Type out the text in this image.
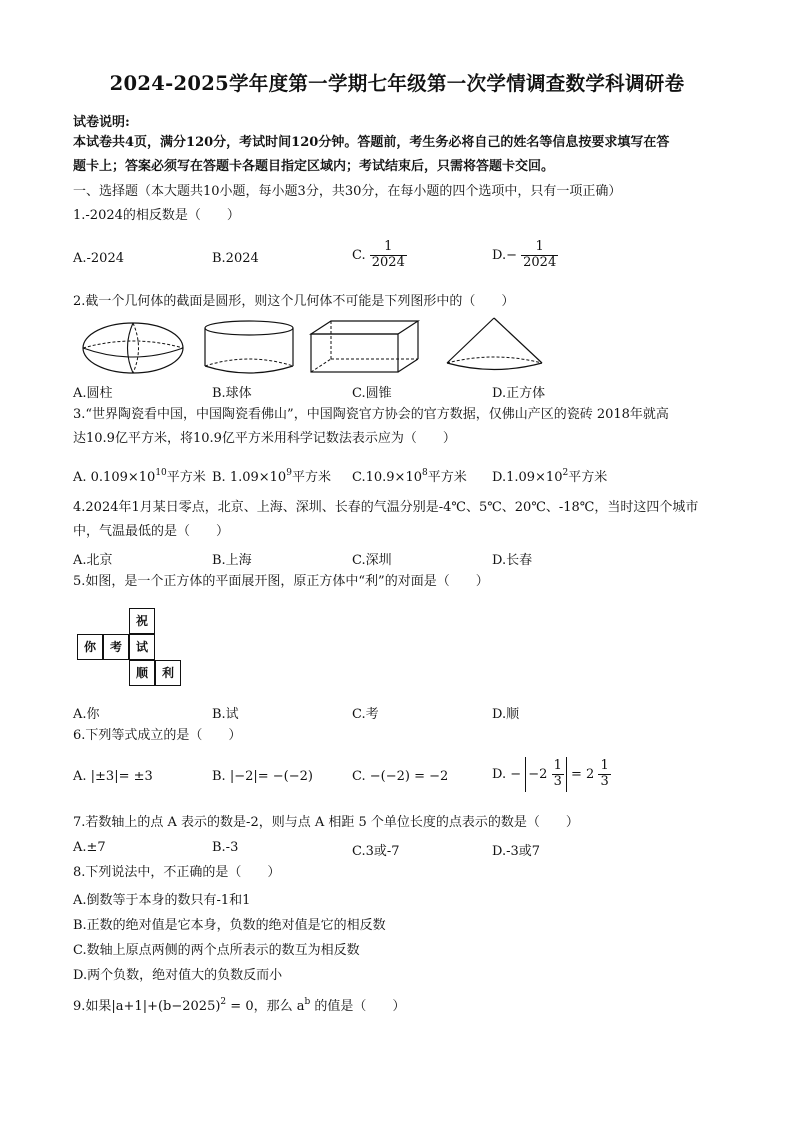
2024-2025学年度第一学期七年级第一次学情调查数学科调研卷
试卷说明:
本试卷共4页，满分120分，考试时间120分钟。答题前，考生务必将自己的姓名等信息按要求填写在答
题卡上；答案必须写在答题卡各题目指定区域内；考试结束后，只需将答题卡交回。
一、选择题（本大题共10小题，每小题3分，共30分，在每小题的四个选项中，只有一项正确）
1.-2024的相反数是（　　）
A.-2024	B.2024	C. $\frac{1}{2024}$	$D.- \frac{1}{2024}$
2.截一个几何体的截面是圆形，则这个几何体不可能是下列图形中的（　　）
A.圆柱	B.球体	C.圆锥	D.正方体
3.“世界陶瓷看中国，中国陶瓷看佛山”，中国陶瓷官方协会的官方数据，仅佛山产区的瓷砖 2018年就高
达10.9亿平方米，将10.9亿平方米用科学记数法表示应为（　　）
A. $0.109\times 10^{10}$平方米 B. $1.09\times 10^9$平方米 $C.10.9\times 10^8$平方米 $D.1.09\times 10^2$平方米
4.2024年1月某日零点，北京、上海、深圳、长春的气温分别是-4℃、5℃、20℃、-18℃，当时这四个城市
中，气温最低的是（　　）
A.北京	B.上海	C.深圳	D.长春
5.如图，是一个正方体的平面展开图，原正方体中“利”的对面是（　　）
祝
你	考	试
顺	利
A.你	B.试	C.考	D.顺
6.下列等式成立的是（　　）
A. |±3|= ±3	B. |−2|= −(−2)	C. −(−2) = −2	D. − $-2 \frac{1}{3} = 2 \frac{1}{3}$
7.若数轴上的点 A 表示的数是-2，则与点 A 相距 5 个单位长度的点表示的数是（　　）
A.±7	B.-3	C.3或-7	D.-3或7
8.下列说法中，不正确的是（　　）
A.倒数等于本身的数只有-1和1
B.正数的绝对值是它本身，负数的绝对值是它的相反数
C.数轴上原点两侧的两个点所表示的数互为相反数
D.两个负数，绝对值大的负数反而小
9.如果$|a+1|+(b-2025)^2 = 0$，那么 $a^b$ 的值是（　　）
